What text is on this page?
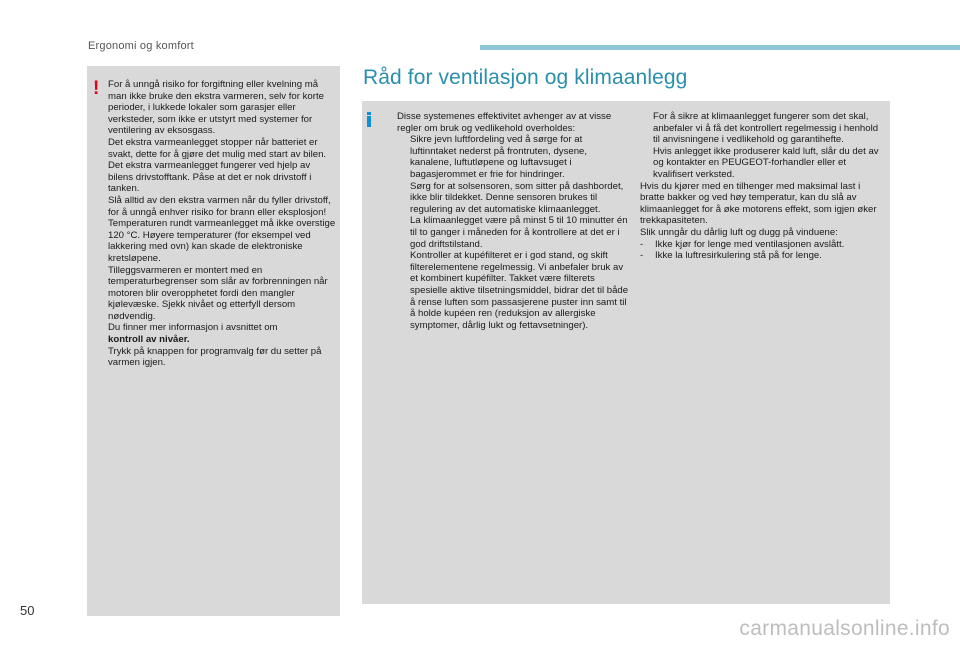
Ergonomi og komfort
! For å unngå risiko for forgiftning eller kvelning må man ikke bruke den ekstra varmeren, selv for korte perioder, i lukkede lokaler som garasjer eller verksteder, som ikke er utstyrt med systemer for ventilering av eksosgass.

Det ekstra varmeanlegget stopper når batteriet er svakt, dette for å gjøre det mulig med start av bilen.

Det ekstra varmeanlegget fungerer ved hjelp av bilens drivstofftank. Påse at det er nok drivstoff i tanken.

Slå alltid av den ekstra varmen når du fyller drivstoff, for å unngå enhver risiko for brann eller eksplosjon!

Temperaturen rundt varmeanlegget må ikke overstige 120 °C. Høyere temperaturer (for eksempel ved lakkering med ovn) kan skade de elektroniske kretsløpene.

Tilleggsvarmeren er montert med en temperaturbegrenser som slår av forbrenningen når motoren blir overopphetet fordi den mangler kjølevæske. Sjekk nivået og etterfyll dersom nødvendig.

Du finner mer informasjon i avsnittet om

kontroll av nivåer.

Trykk på knappen for programvalg før du setter på varmen igjen.

Råd for ventilasjon og klimaanlegg

Disse systemenes effektivitet avhenger av at visse regler om bruk og vedlikehold overholdes:

Sikre jevn luftfordeling ved å sørge for at luftinntaket nederst på frontruten, dysene, kanalene, luftutløpene og luftavsuget i bagasjerommet er frie for hindringer.
Sørg for at solsensoren, som sitter på dashbordet, ikke blir tildekket. Denne sensoren brukes til regulering av det automatiske klimaanlegget.
La klimaanlegget være på minst 5 til 10 minutter én til to ganger i måneden for å kontrollere at det er i god driftstilstand.
Kontroller at kupéfilteret er i god stand, og skift filterelementene regelmessig. Vi anbefaler bruk av et kombinert kupéfilter. Takket være filterets spesielle aktive tilsetningsmiddel, bidrar det til både å rense luften som passasjerene puster inn samt til å holde kupéen ren (reduksjon av allergiske symptomer, dårlig lukt og fettavsetninger).
For å sikre at klimaanlegget fungerer som det skal, anbefaler vi å få det kontrollert regelmessig i henhold til anvisningene i vedlikehold og garantihefte.
Hvis anlegget ikke produserer kald luft, slår du det av og kontakter en PEUGEOT-forhandler eller et kvalifisert verksted.

Hvis du kjører med en tilhenger med maksimal last i bratte bakker og ved høy temperatur, kan du slå av klimaanlegget for å øke motorens effekt, som igjen øker trekkapasiteten.

Slik unngår du dårlig luft og dugg på vinduene:

- Ikke kjør for lenge med ventilasjonen avslått.
- Ikke la luftresirkulering stå på for lenge.
50
carmanualsonline.info
